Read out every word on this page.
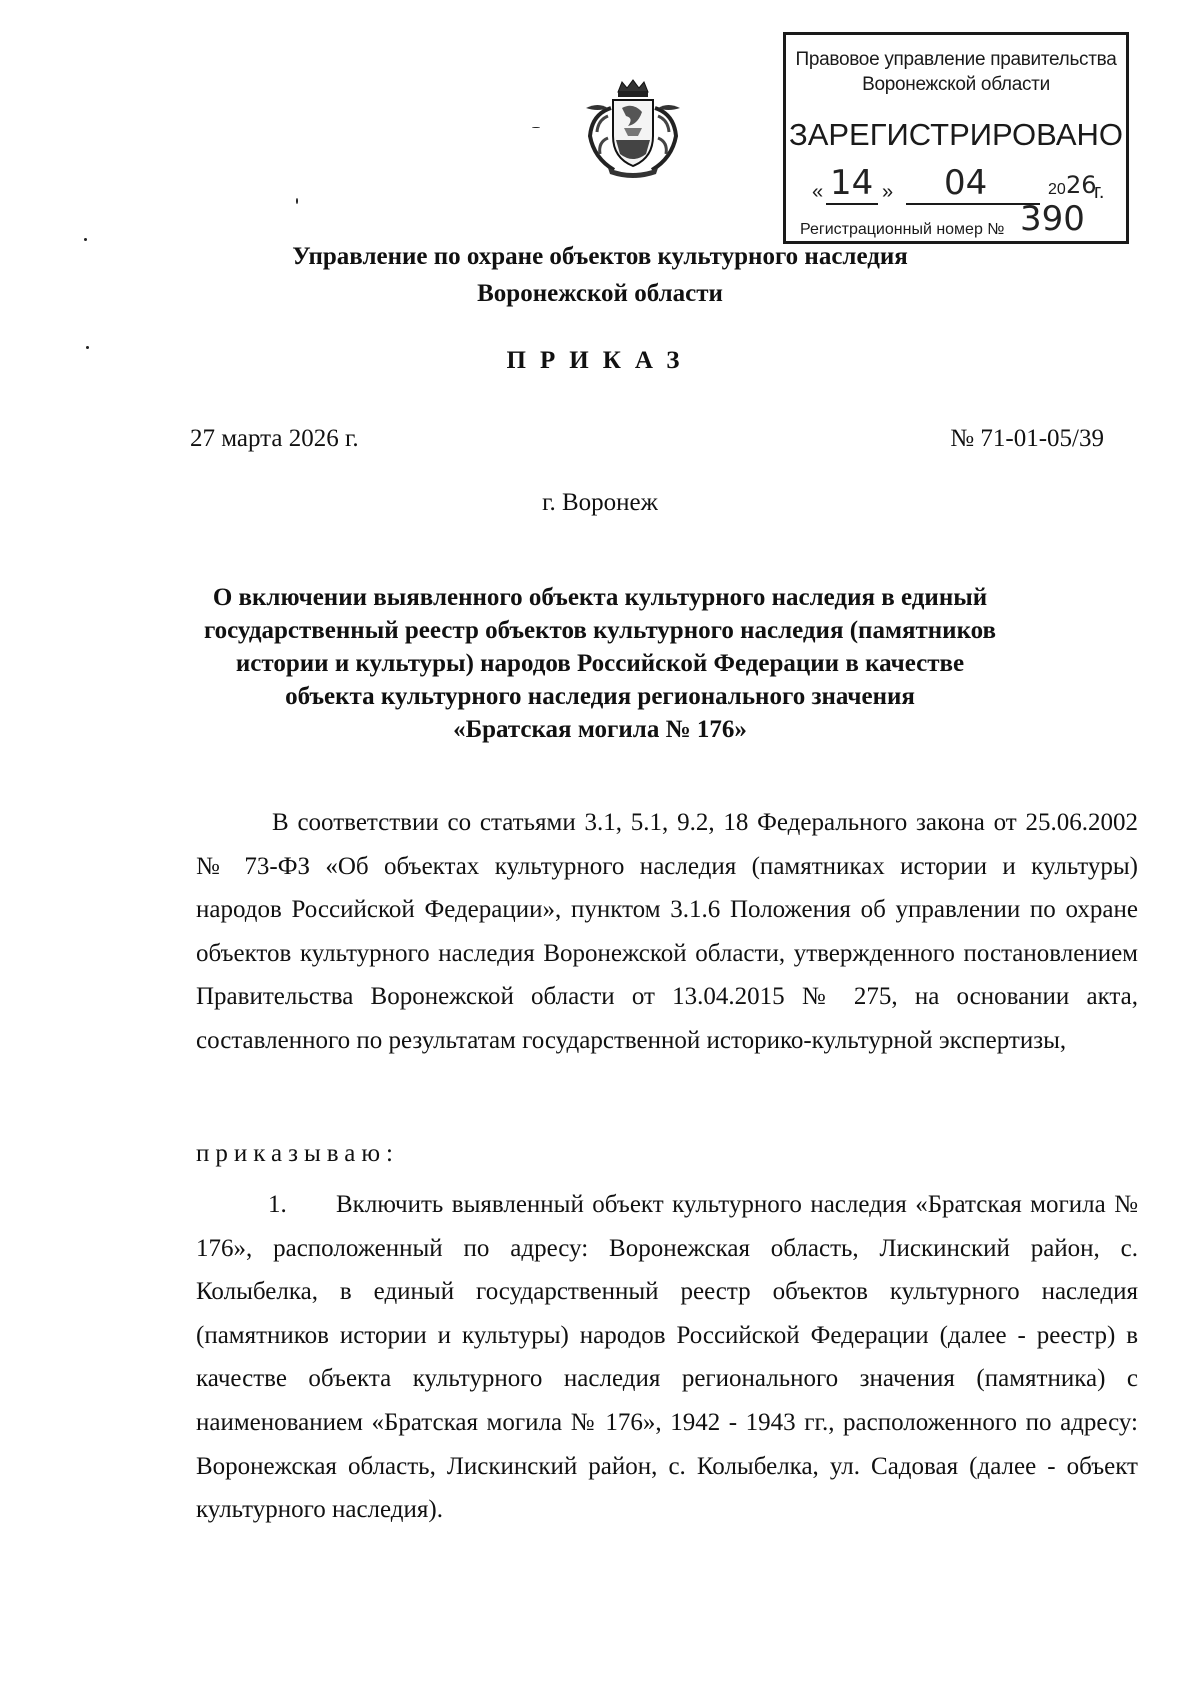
Правовое управление правительства
Воронежской области
ЗАРЕГИСТРИРОВАНО
« 14 » 04	20 26
г.
Регистрационный номер № 390
Управление по охране объектов культурного наследия
Воронежской области
ПРИКАЗ
27 марта 2026 г.	№ 71-01-05/39
г. Воронеж
О включении выявленного объекта культурного наследия в единый
государственный реестр объектов культурного наследия (памятников
истории и культуры) народов Российской Федерации в качестве
объекта культурного наследия регионального значения
«Братская могила № 176»
В соответствии со статьями 3.1, 5.1, 9.2, 18 Федерального закона от 25.06.2002 № 73-ФЗ «Об объектах культурного наследия (памятниках истории и культуры) народов Российской Федерации», пунктом 3.1.6 Положения об управлении по охране объектов культурного наследия Воронежской области, утвержденного постановлением Правительства Воронежской области от 13.04.2015 № 275, на основании акта, составленного по результатам государственной историко-культурной экспертизы,
приказываю:
1. Включить выявленный объект культурного наследия «Братская могила № 176», расположенный по адресу: Воронежская область, Лискинский район, с. Колыбелка, в единый государственный реестр объектов культурного наследия (памятников истории и культуры) народов Российской Федерации (далее - реестр) в качестве объекта культурного наследия регионального значения (памятника) с наименованием «Братская могила № 176», 1942 - 1943 гг., расположенного по адресу: Воронежская область, Лискинский район, с. Колыбелка, ул. Садовая (далее - объект культурного наследия).
